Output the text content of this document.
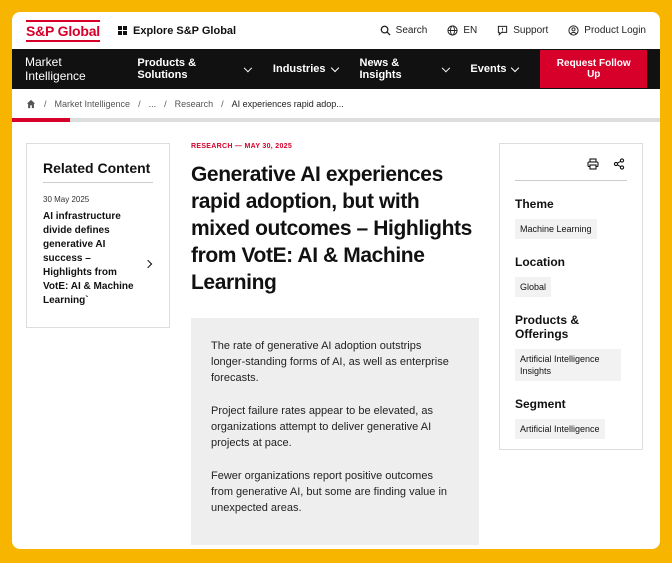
S&P Global	Explore S&P Global	Search	EN	Support	Product Login
Market Intelligence
Products & Solutions	Industries	News & Insights	Events	Request Follow Up
/ Market Intelligence / ... / Research / AI experiences rapid adop...
Related Content
30 May 2025
AI infrastructure divide defines generative AI success – Highlights from VotE: AI & Machine Learning`
RESEARCH — MAY 30, 2025
Generative AI experiences rapid adoption, but with mixed outcomes – Highlights from VotE: AI & Machine Learning

The rate of generative AI adoption outstrips longer-standing forms of AI, as well as enterprise forecasts.

Project failure rates appear to be elevated, as organizations attempt to deliver generative AI projects at pace.

Fewer organizations report positive outcomes from generative AI, but some are finding value in unexpected areas.

Theme
Machine Learning
Location
Global
Products & Offerings
Artificial Intelligence Insights
Segment
Artificial Intelligence
